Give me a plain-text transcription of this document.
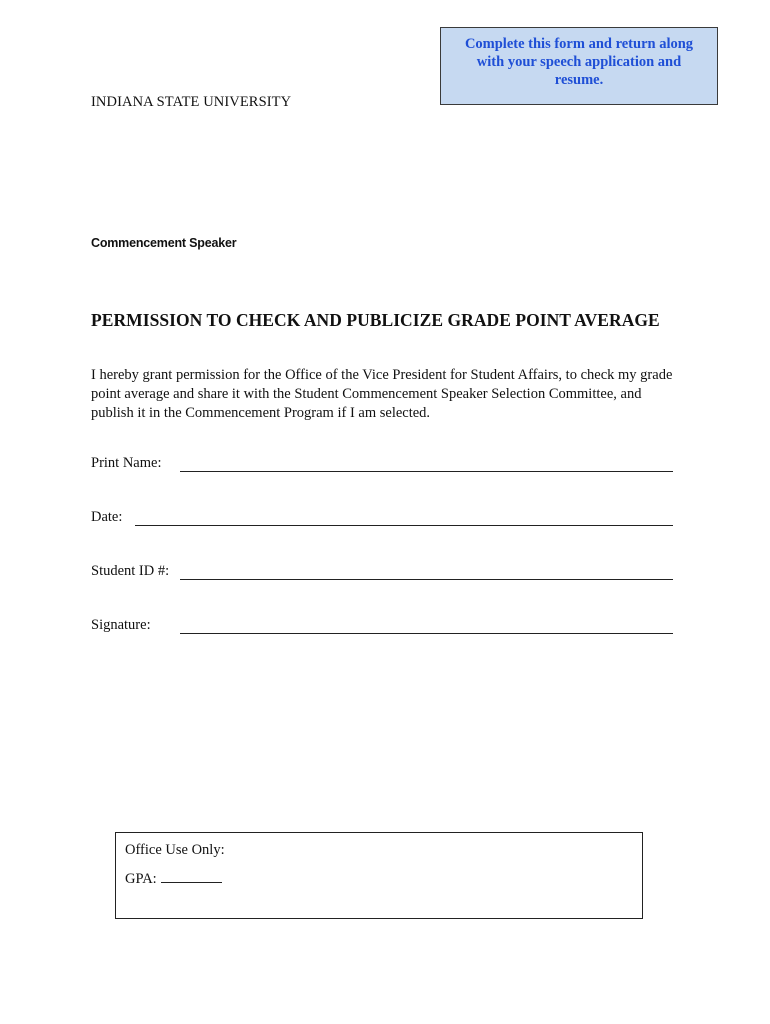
Complete this form and return along with your speech application and resume.
INDIANA STATE UNIVERSITY
Commencement Speaker
PERMISSION TO CHECK AND PUBLICIZE GRADE POINT AVERAGE
I hereby grant permission for the Office of the Vice President for Student Affairs, to check my grade point average and share it with the Student Commencement Speaker Selection Committee, and publish it in the Commencement Program if I am selected.
Print Name:
Date:
Student ID #:
Signature:
Office Use Only:
GPA:
